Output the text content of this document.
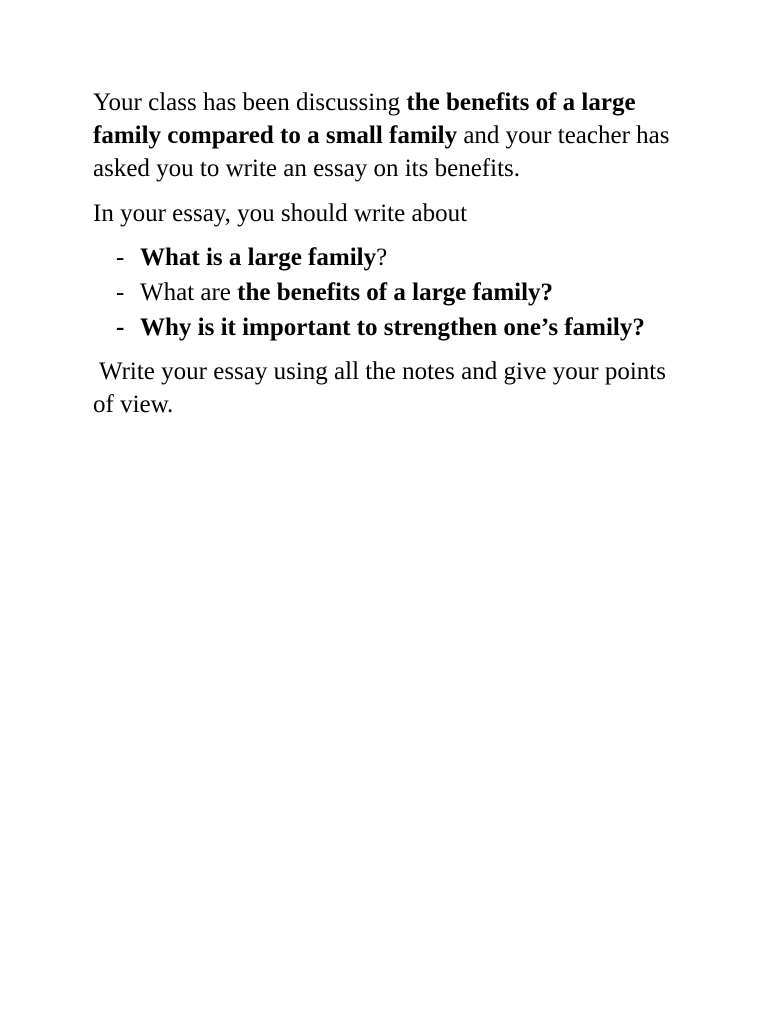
Your class has been discussing the benefits of a large family compared to a small family and your teacher has asked you to write an essay on its benefits.

In your essay, you should write about

- What is a large family?
- What are the benefits of a large family?
- Why is it important to strengthen one’s family?

Write your essay using all the notes and give your points of view.
